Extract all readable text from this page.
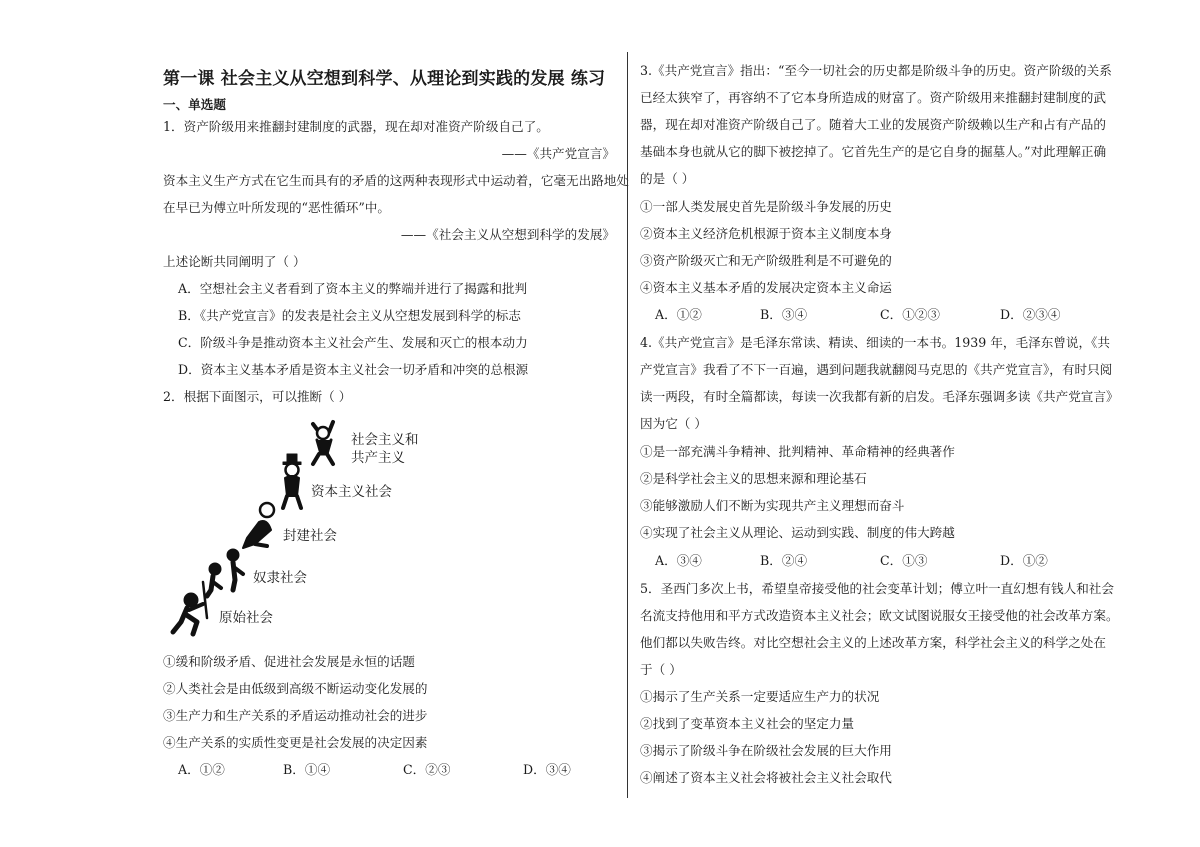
第一课 社会主义从空想到科学、从理论到实践的发展 练习
一、单选题
1．资产阶级用来推翻封建制度的武器，现在却对准资产阶级自己了。
——《共产党宣言》
资本主义生产方式在它生而具有的矛盾的这两种表现形式中运动着，它毫无出路地处
在早已为傅立叶所发现的“恶性循环”中。
——《社会主义从空想到科学的发展》
上述论断共同阐明了（ ）
A．空想社会主义者看到了资本主义的弊端并进行了揭露和批判
B．《共产党宣言》的发表是社会主义从空想发展到科学的标志
C．阶级斗争是推动资本主义社会产生、发展和灭亡的根本动力
D．资本主义基本矛盾是资本主义社会一切矛盾和冲突的总根源
2．根据下面图示，可以推断（ ）
社会主义和
共产主义
资本主义社会
封建社会
奴隶社会
原始社会
①缓和阶级矛盾、促进社会发展是永恒的话题
②人类社会是由低级到高级不断运动变化发展的
③生产力和生产关系的矛盾运动推动社会的进步
④生产关系的实质性变更是社会发展的决定因素
A．①②	B．①④	C．②③	D．③④
3.《共产党宣言》指出：“至今一切社会的历史都是阶级斗争的历史。资产阶级的关系
已经太狭窄了，再容纳不了它本身所造成的财富了。资产阶级用来推翻封建制度的武
器，现在却对准资产阶级自己了。随着大工业的发展资产阶级赖以生产和占有产品的
基础本身也就从它的脚下被挖掉了。它首先生产的是它自身的掘墓人。”对此理解正确
的是（ ）
①一部人类发展史首先是阶级斗争发展的历史
②资本主义经济危机根源于资本主义制度本身
③资产阶级灭亡和无产阶级胜利是不可避免的
④资本主义基本矛盾的发展决定资本主义命运
A．①②	B．③④	C．①②③	D．②③④
4.《共产党宣言》是毛泽东常读、精读、细读的一本书。1939 年，毛泽东曾说，《共
产党宣言》我看了不下一百遍，遇到问题我就翻阅马克思的《共产党宣言》，有时只阅
读一两段，有时全篇都读，每读一次我都有新的启发。毛泽东强调多读《共产党宣言》
因为它（ ）
①是一部充满斗争精神、批判精神、革命精神的经典著作
②是科学社会主义的思想来源和理论基石
③能够激励人们不断为实现共产主义理想而奋斗
④实现了社会主义从理论、运动到实践、制度的伟大跨越
A．③④	B．②④	C．①③	D．①②
5．圣西门多次上书，希望皇帝接受他的社会变革计划；傅立叶一直幻想有钱人和社会
名流支持他用和平方式改造资本主义社会；欧文试图说服女王接受他的社会改革方案。
他们都以失败告终。对比空想社会主义的上述改革方案，科学社会主义的科学之处在
于（ ）
①揭示了生产关系一定要适应生产力的状况
②找到了变革资本主义社会的坚定力量
③揭示了阶级斗争在阶级社会发展的巨大作用
④阐述了资本主义社会将被社会主义社会取代
